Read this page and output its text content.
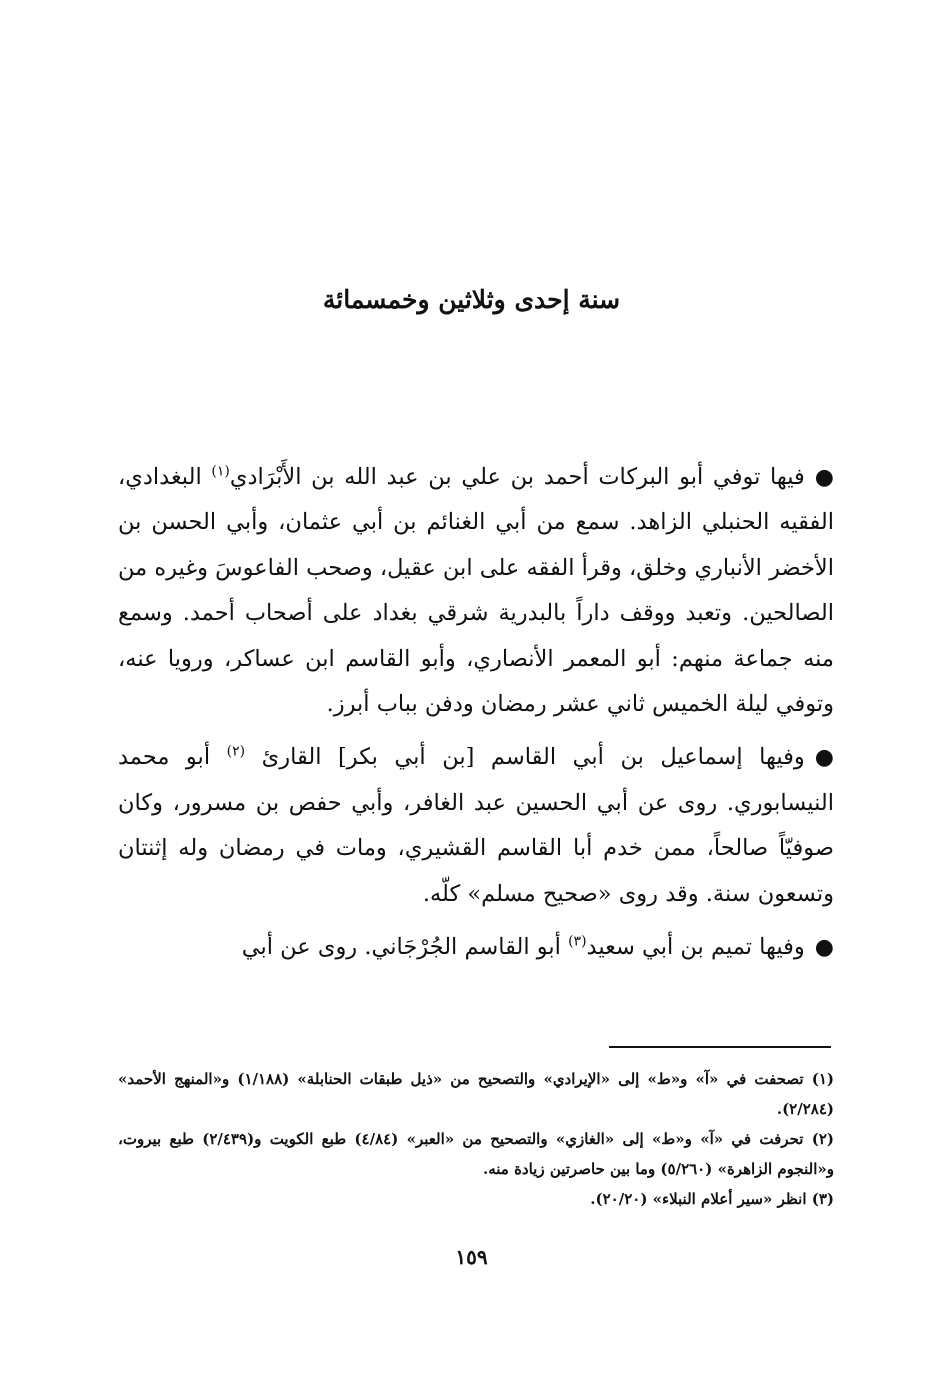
سنة إحدى وثلاثين وخمسمائة

●فيها توفي أبو البركات أحمد بن علي بن عبد الله بن الأَبْرَادي$^{(١)}$ البغدادي، الفقيه الحنبلي الزاهد. سمع من أبي الغنائم بن أبي عثمان، وأبي الحسن بن الأخضر الأنباري وخلق، وقرأ الفقه على ابن عقيل، وصحب الفاعوسَ وغيره من الصالحين. وتعبد ووقف داراً بالبدرية شرقي بغداد على أصحاب أحمد. وسمع منه جماعة منهم: أبو المعمر الأنصاري، وأبو القاسم ابن عساكر، ورويا عنه، وتوفي ليلة الخميس ثاني عشر رمضان ودفن بباب أبرز.

●وفيها إسماعيل بن أبي القاسم [بن أبي بكر] القارئ $^{(٢)}$ أبو محمد النيسابوري. روى عن أبي الحسين عبد الغافر، وأبي حفص بن مسرور، وكان صوفيّاً صالحاً، ممن خدم أبا القاسم القشيري، ومات في رمضان وله إثنتان وتسعون سنة. وقد روى «صحيح مسلم» كلّه.

●وفيها تميم بن أبي سعيد$^{(٣)}$ أبو القاسم الجُرْجَاني. روى عن أبي

(١) تصحفت في «آ» و«ط» إلى «الإيرادي» والتصحيح من «ذيل طبقات الحنابلة» (١/١٨٨) و«المنهج الأحمد» (٢/٢٨٤).

(٢) تحرفت في «آ» و«ط» إلى «الغازي» والتصحيح من «العبر» (٤/٨٤) طبع الكويت و(٢/٤٣٩) طبع بيروت، و«النجوم الزاهرة» (٥/٢٦٠) وما بين حاصرتين زيادة منه.

(٣) انظر «سير أعلام النبلاء» (٢٠/٢٠).

١٥٩
